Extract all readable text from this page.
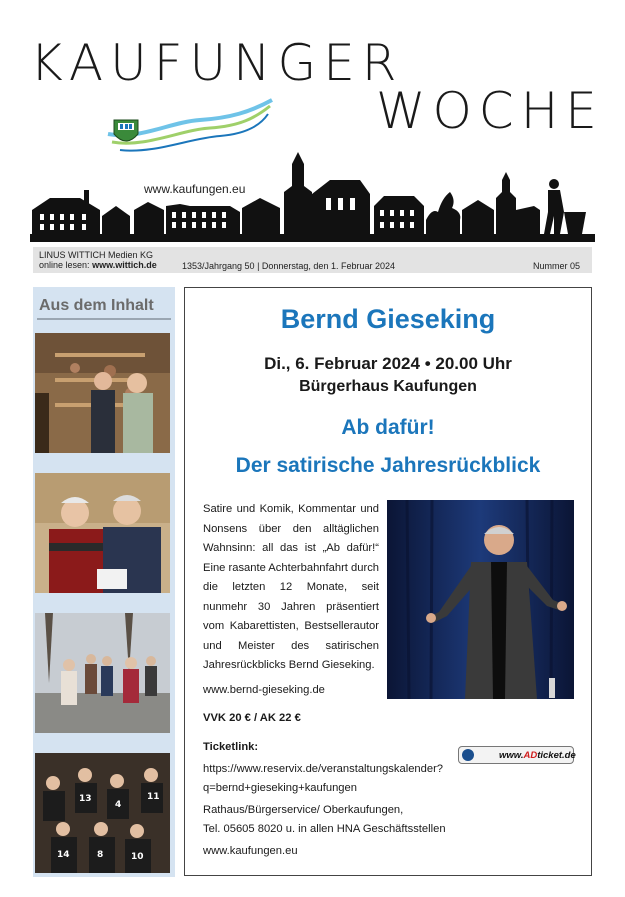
KAUFUNGER
WOCHE
www.kaufungen.eu
LINUS WITTICH Medien KG
online lesen: www.wittich.de	1353/Jahrgang 50 | Donnerstag, den 1. Februar 2024	Nummer 05
Aus dem Inhalt
13	11
4
14	8	10
Bernd Gieseking
Di., 6. Februar 2024 • 20.00 Uhr
Bürgerhaus Kaufungen
Ab dafür!
Der satirische Jahresrückblick
Satire und Komik, Kommentar und Nonsens über den alltäglichen Wahnsinn: all das ist „Ab dafür!“ Eine rasante Achterbahnfahrt durch die letzten 12 Monate, seit nunmehr 30 Jahren präsentiert vom Kabarettisten, Bestsellerautor und Meister des satirischen Jahresrückblicks Bernd Gieseking.
www.bernd-gieseking.de
VVK 20 € / AK 22 €
Ticketlink:
https://www.reservix.de/veranstaltungskalender?
q=bernd+gieseking+kaufungen
www.ADticket.de
Rathaus/Bürgerservice/ Oberkaufungen,
Tel. 05605 8020 u. in allen HNA Geschäftsstellen
www.kaufungen.eu
